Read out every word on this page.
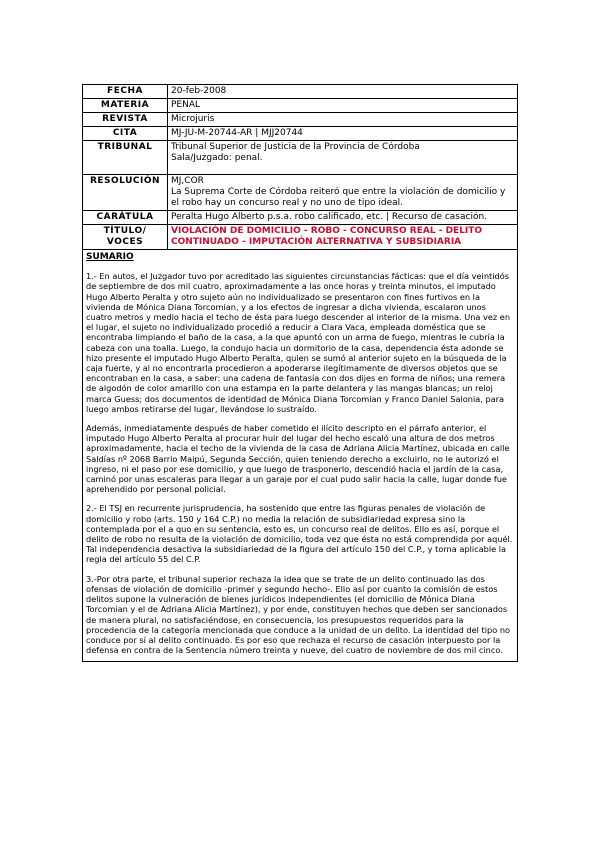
FECHA	20-feb-2008
MATERIA	PENAL
REVISTA	Microjuris
CITA	MJ-JU-M-20744-AR | MJJ20744
TRIBUNAL	Tribunal Superior de Justicia de la Provincia de Córdoba
Sala/Juzgado: penal.

RESOLUCIÓN	MJ,COR
La Suprema Corte de Córdoba reiteró que entre la violación de domicilio y el robo hay un concurso real y no uno de tipo ideal.

CARÁTULA	Peralta Hugo Alberto p.s.a. robo calificado, etc. | Recurso de casación.
TÍTULO/ VOCES	VIOLACIÓN DE DOMICILIO - ROBO - CONCURSO REAL - DELITO CONTINUADO - IMPUTACIÓN ALTERNATIVA Y SUBSIDIARIA
SUMARIO

1.- En autos, el Juzgador tuvo por acreditado las siguientes circunstancias fácticas: que el día veintidós de septiembre de dos mil cuatro, aproximadamente a las once horas y treinta minutos, el imputado Hugo Alberto Peralta y otro sujeto aún no individualizado se presentaron con fines furtivos en la vivienda de Mónica Diana Torcomian, y a los efectos de ingresar a dicha vivienda, escalaron unos cuatro metros y medio hacia el techo de ésta para luego descender al interior de la misma. Una vez en el lugar, el sujeto no individualizado procedió a reducir a Clara Vaca, empleada doméstica que se encontraba limpiando el baño de la casa, a la que apuntó con un arma de fuego, mientras le cubría la cabeza con una toalla. Luego, la condujo hacia un dormitorio de la casa, dependencia ésta adonde se hizo presente el imputado Hugo Alberto Peralta, quien se sumó al anterior sujeto en la búsqueda de la caja fuerte, y al no encontrarla procedieron a apoderarse ilegítimamente de diversos objetos que se encontraban en la casa, a saber: una cadena de fantasía con dos dijes en forma de niños; una remera de algodón de color amarillo con una estampa en la parte delantera y las mangas blancas; un reloj marca Guess; dos documentos de identidad de Mónica Diana Torcomian y Franco Daniel Salonia, para luego ambos retirarse del lugar, llevándose lo sustraído.

Además, inmediatamente después de haber cometido el ilícito descripto en el párrafo anterior, el imputado Hugo Alberto Peralta al procurar huir del lugar del hecho escaló una altura de dos metros aproximadamente, hacia el techo de la vivienda de la casa de Adriana Alicia Martínez, ubicada en calle Saldías nº 2068 Barrio Maipú, Segunda Sección, quien teniendo derecho a excluirlo, no le autorizó el ingreso, ni el paso por ese domicilio, y que luego de trasponerlo, descendió hacia el jardín de la casa, caminó por unas escaleras para llegar a un garaje por el cual pudo salir hacia la calle, lugar donde fue aprehendido por personal policial.

2.- El TSJ en recurrente jurisprudencia, ha sostenido que entre las figuras penales de violación de domicilio y robo (arts. 150 y 164 C.P.) no media la relación de subsidiariedad expresa sino la contemplada por el a quo en su sentencia, esto es, un concurso real de delitos. Ello es así, porque el delito de robo no resulta de la violación de domicilio, toda vez que ésta no está comprendida por aquél. Tal independencia desactiva la subsidiariedad de la figura del artículo 150 del C.P., y torna aplicable la regla del artículo 55 del C.P.

3.-Por otra parte, el tribunal superior rechaza la idea que se trate de un delito continuado las dos ofensas de violación de domicilio -primer y segundo hecho-. Ello así por cuanto la comisión de estos delitos supone la vulneración de bienes jurídicos independientes (el domicilio de Mónica Diana Torcomian y el de Adriana Alicia Martínez), y por ende, constituyen hechos que deben ser sancionados de manera plural, no satisfaciéndose, en consecuencia, los presupuestos requeridos para la procedencia de la categoría mencionada que conduce a la unidad de un delito. La identidad del tipo no conduce por sí al delito continuado. Es por eso que rechaza el recurso de casación interpuesto por la defensa en contra de la Sentencia número treinta y nueve, del cuatro de noviembre de dos mil cinco.
